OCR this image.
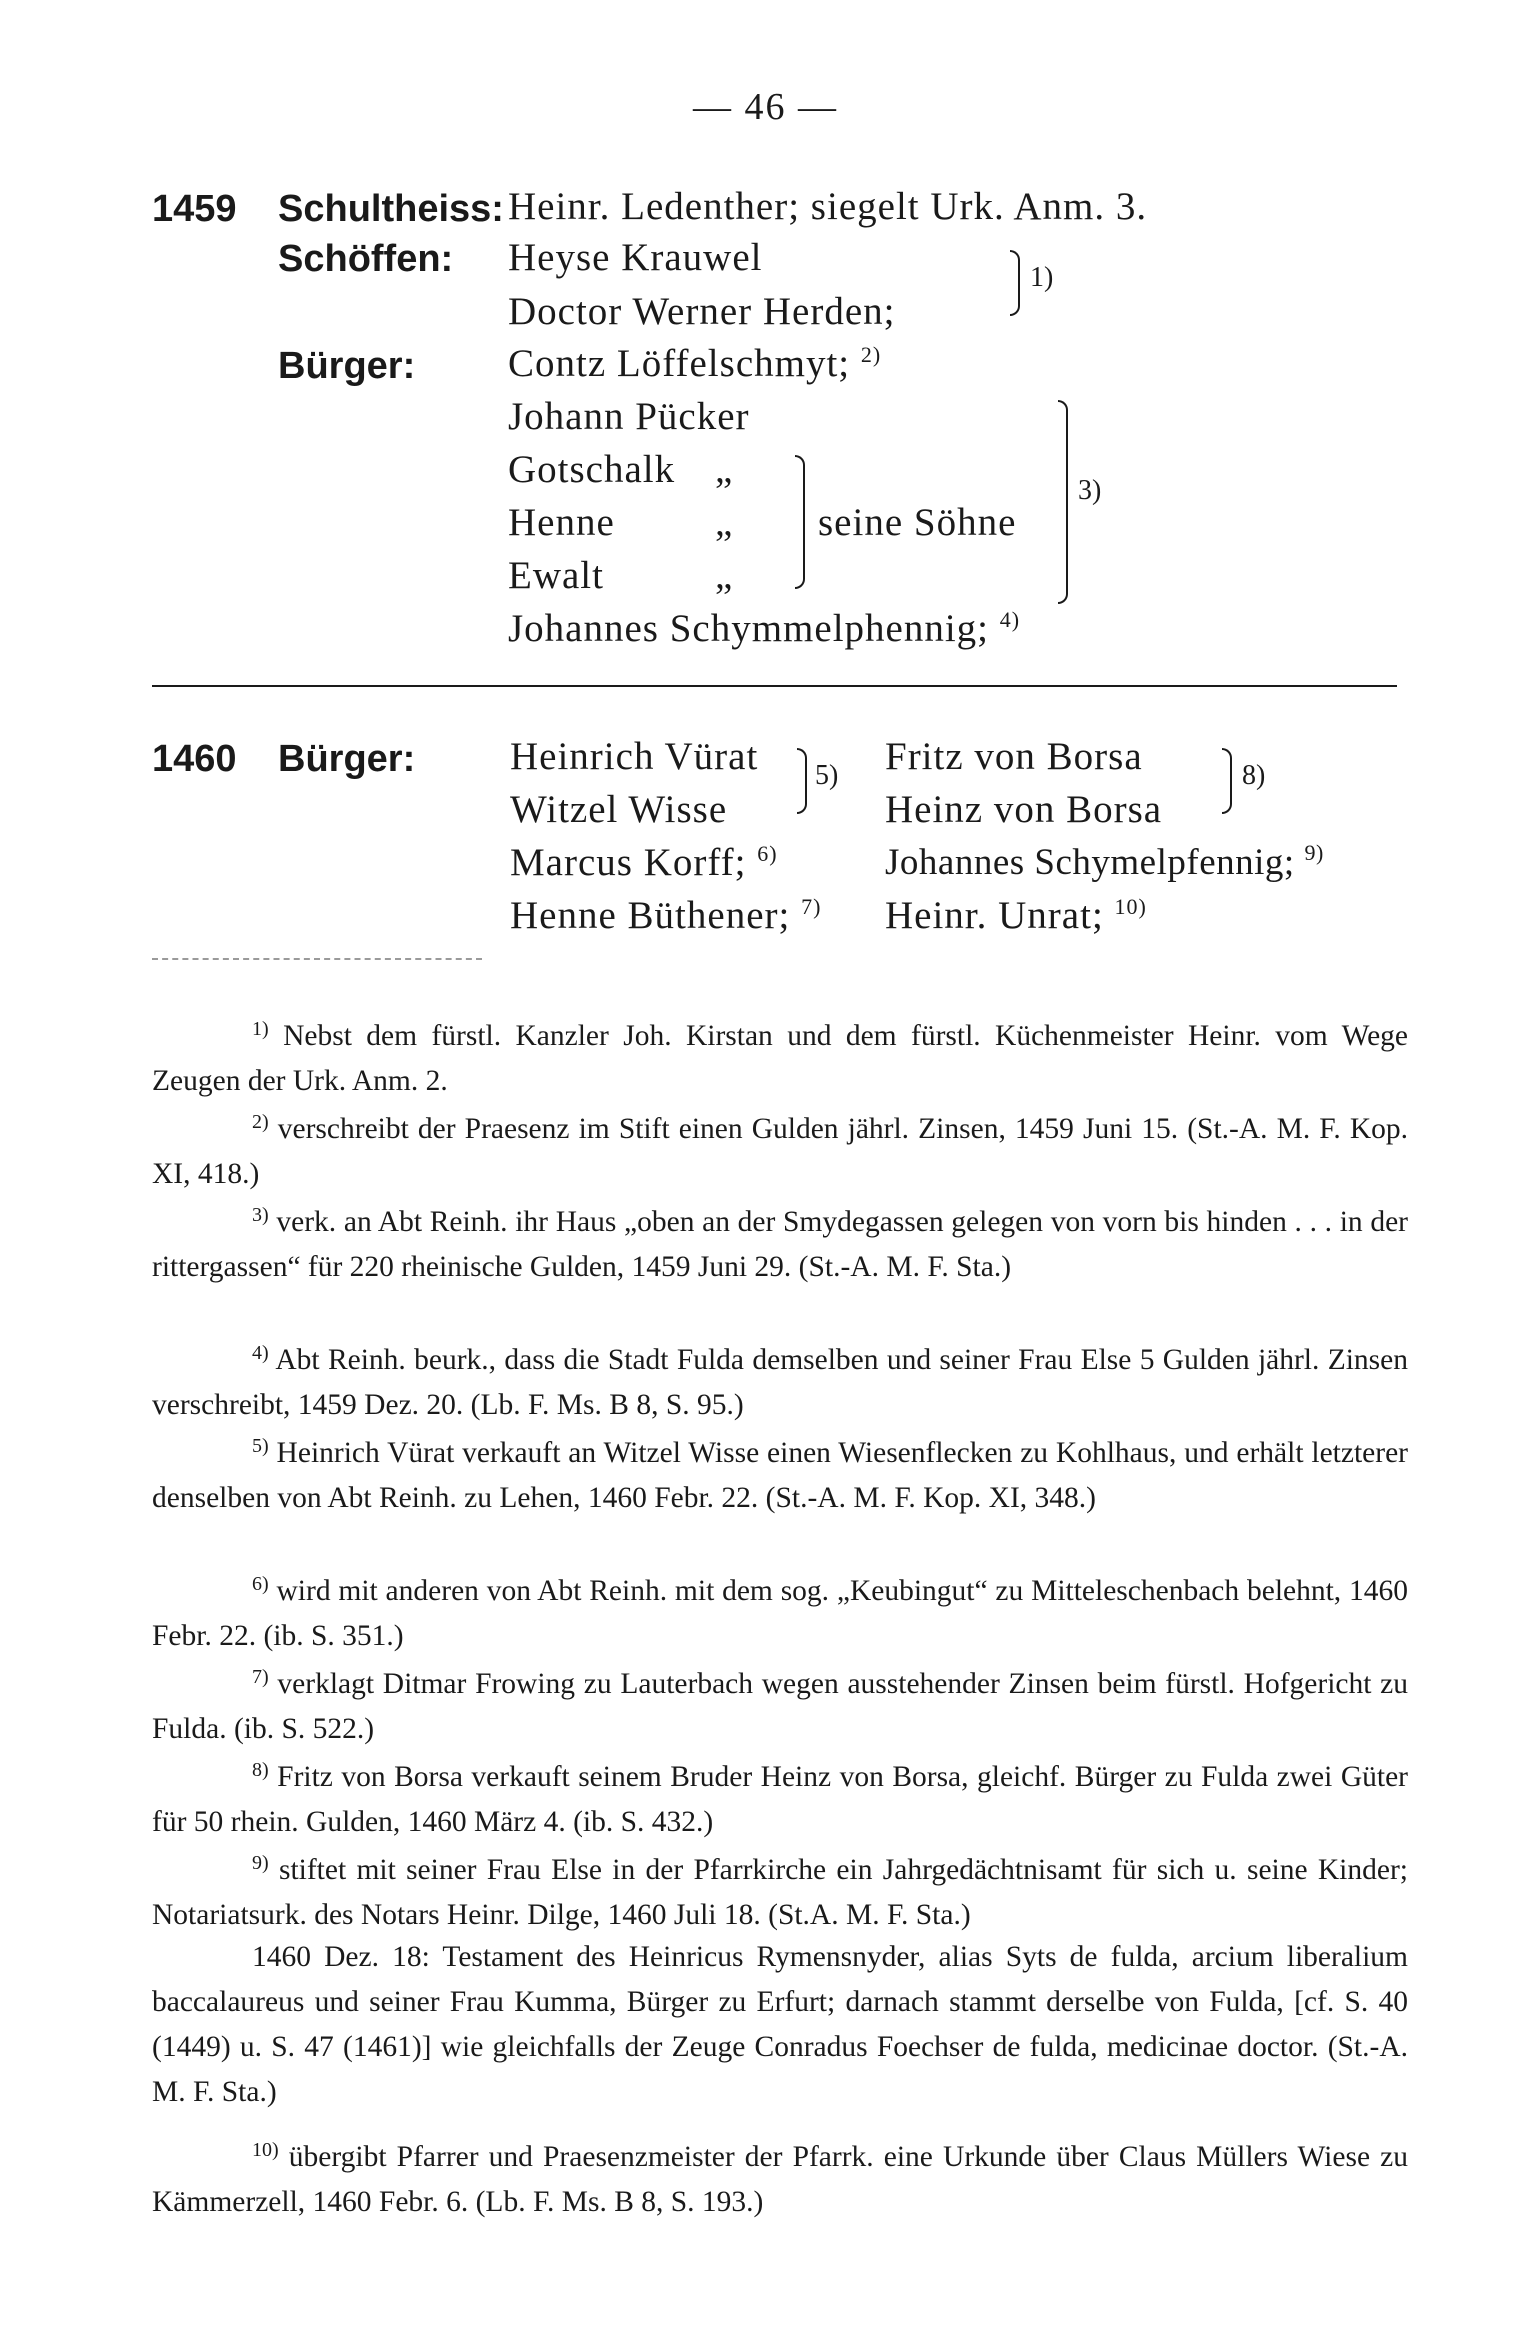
— 46 —
1459 Schultheiss: Heinr. Ledenther; siegelt Urk. Anm. 3.
Schöffen: Heyse Krauwel
Doctor Werner Herden;
1)
Bürger: Contz Löffelschmyt; $^{2)}$
Johann Pücker
Gotschalk „
Henne	„
Ewalt	„
seine Söhne
3)
Johannes Schymmelphennig; $^{4)}$
1460 Bürger: Heinrich Vürat
Witzel Wisse
5)
Marcus Korff; $^{6)}$
Henne Büthener; $^{7)}$
Fritz von Borsa
Heinz von Borsa
8)
Johannes Schymelpfennig; $^{9)}$
Heinr. Unrat; $^{10)}$
$^{1)}$ Nebst dem fürstl. Kanzler Joh. Kirstan und dem fürstl. Küchenmeister Heinr. vom Wege Zeugen der Urk. Anm. 2.
$^{2)}$ verschreibt der Praesenz im Stift einen Gulden jährl. Zinsen, 1459 Juni 15. (St.-A. M. F. Kop. XI, 418.)
$^{3)}$ verk. an Abt Reinh. ihr Haus „oben an der Smydegassen gelegen von vorn bis hinden . . . in der rittergassen“ für 220 rheinische Gulden, 1459 Juni 29. (St.-A. M. F. Sta.)
$^{4)}$ Abt Reinh. beurk., dass die Stadt Fulda demselben und seiner Frau Else 5 Gulden jährl. Zinsen verschreibt, 1459 Dez. 20. (Lb. F. Ms. B 8, S. 95.)
$^{5)}$ Heinrich Vürat verkauft an Witzel Wisse einen Wiesenflecken zu Kohlhaus, und erhält letzterer denselben von Abt Reinh. zu Lehen, 1460 Febr. 22. (St.-A. M. F. Kop. XI, 348.)
$^{6)}$ wird mit anderen von Abt Reinh. mit dem sog. „Keubingut“ zu Mitteleschenbach belehnt, 1460 Febr. 22. (ib. S. 351.)
$^{7)}$ verklagt Ditmar Frowing zu Lauterbach wegen ausstehender Zinsen beim fürstl. Hofgericht zu Fulda. (ib. S. 522.)
$^{8)}$ Fritz von Borsa verkauft seinem Bruder Heinz von Borsa, gleichf. Bürger zu Fulda zwei Güter für 50 rhein. Gulden, 1460 März 4. (ib. S. 432.)
$^{9)}$ stiftet mit seiner Frau Else in der Pfarrkirche ein Jahrgedächtnisamt für sich u. seine Kinder; Notariatsurk. des Notars Heinr. Dilge, 1460 Juli 18. (St.A. M. F. Sta.)
1460 Dez. 18: Testament des Heinricus Rymensnyder, alias Syts de fulda, arcium liberalium baccalaureus und seiner Frau Kumma, Bürger zu Erfurt; darnach stammt derselbe von Fulda, [cf. S. 40 (1449) u. S. 47 (1461)] wie gleichfalls der Zeuge Conradus Foechser de fulda, medicinae doctor. (St.-A. M. F. Sta.)
$^{10)}$ übergibt Pfarrer und Praesenzmeister der Pfarrk. eine Urkunde über Claus Müllers Wiese zu Kämmerzell, 1460 Febr. 6. (Lb. F. Ms. B 8, S. 193.)
